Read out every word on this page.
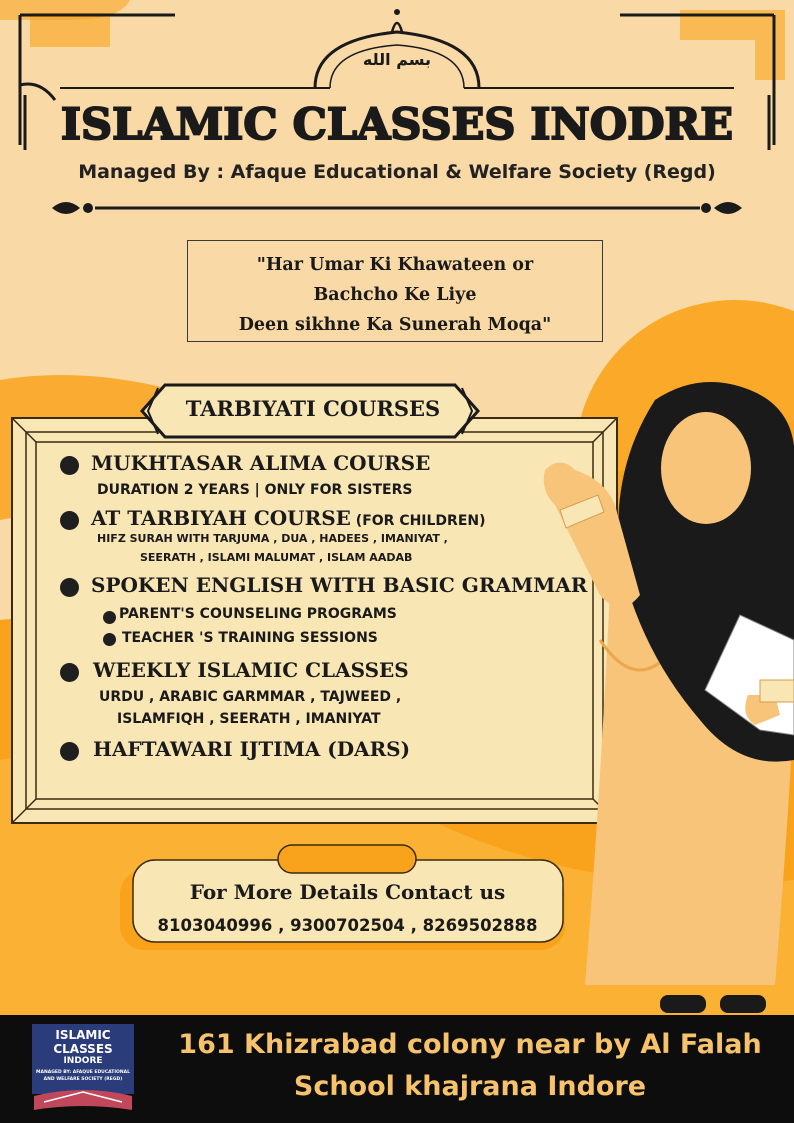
بسم الله
ISLAMIC CLASSES INODRE
Managed By : Afaque Educational & Welfare Society (Regd)
"Har Umar Ki Khawateen or
Bachcho Ke Liye
Deen sikhne Ka Sunerah Moqa"
TARBIYATI COURSES
MUKHTASAR ALIMA COURSE
DURATION 2 YEARS | ONLY FOR SISTERS
AT TARBIYAH COURSE (FOR CHILDREN)
HIFZ SURAH WITH TARJUMA , DUA , HADEES , IMANIYAT ,
SEERATH , ISLAMI MALUMAT , ISLAM AADAB
SPOKEN ENGLISH WITH BASIC GRAMMAR
PARENT'S COUNSELING PROGRAMS
TEACHER 'S TRAINING SESSIONS
WEEKLY ISLAMIC CLASSES
URDU , ARABIC GARMMAR , TAJWEED ,
ISLAMFIQH , SEERATH , IMANIYAT
HAFTAWARI IJTIMA (DARS)
For More Details Contact us
8103040996 , 9300702504 , 8269502888
ISLAMIC
CLASSES
INDORE
MANAGED BY: AFAQUE EDUCATIONAL
AND WELFARE SOCIETY (REGD)
161 Khizrabad colony near by Al Falah
School khajrana Indore
